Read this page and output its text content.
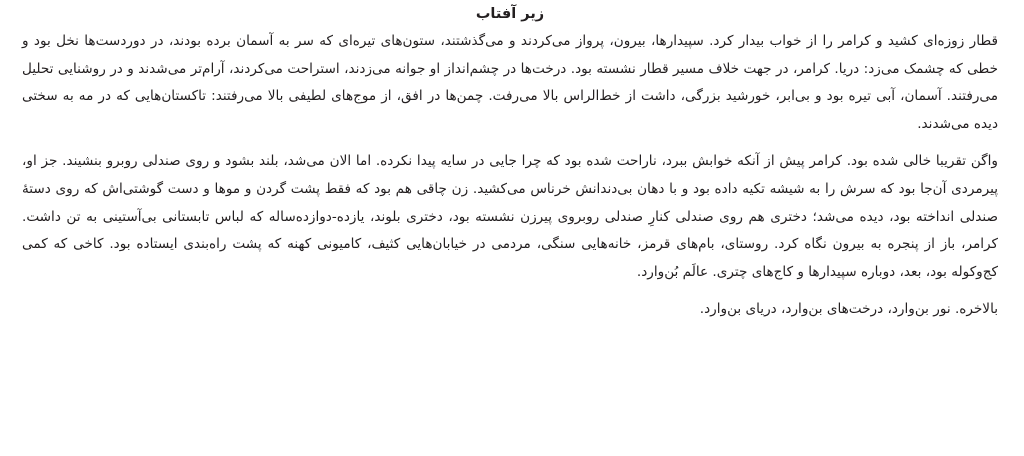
زیر آفتاب

قطار زوزه‌ای کشید و کرامر را از خواب بیدار کرد. سپیدارها، بیرون، پرواز می‌کردند و می‌گذشتند، ستون‌های تیره‌ای که سر به آسمان برده بودند، در دوردست‌ها نخل بود و خطی که چشمک می‌زد: دریا. کرامر، در جهت خلاف مسیر قطار نشسته بود. درخت‌ها در چشم‌انداز او جوانه می‌زدند، استراحت می‌کردند، آرام‌تر می‌شدند و در روشنایی تحلیل می‌رفتند. آسمان، آبی تیره بود و بی‌ابر، خورشید بزرگی، داشت از خط‌الراس بالا می‌رفت. چمن‌ها در افق، از موج‌های لطیفی بالا می‌رفتند: تاکستان‌هایی که در مه به سختی دیده می‌شدند.

واگن تقریبا خالی شده بود. کرامر پیش از آنکه خوابش ببرد، ناراحت شده بود که چرا جایی در سایه پیدا نکرده. اما الان می‌شد، بلند بشود و روی صندلی روبرو بنشیند. جز او، پیرمردی آن‌جا بود که سرش را به شیشه تکیه داده بود و با دهان بی‌دندانش خرناس می‌کشید. زن چاقی هم بود که فقط پشت گردن و موها و دست گوشتی‌اش که روی دستهٔ صندلی انداخته بود، دیده می‌شد؛ دختری هم روی صندلی کنارِ صندلی روبروی پیرزن نشسته بود، دختری بلوند، یازده-دوازده‌ساله که لباس تابستانی بی‌آستینی به تن داشت. کرامر، باز از پنجره به بیرون نگاه کرد. روستای، بام‌های قرمز، خانه‌هایی سنگی، مردمی در خیابان‌هایی کثیف، کامیونی کهنه که پشت راه‌بندی ایستاده بود. کاخی که کمی کج‌وکوله بود، بعد، دوباره سپیدارها و کاج‌های چتری. عالَم بُن‌وارد.

بالاخره. نور بن‌وارد، درخت‌های بن‌وارد، دریای بن‌وارد.
